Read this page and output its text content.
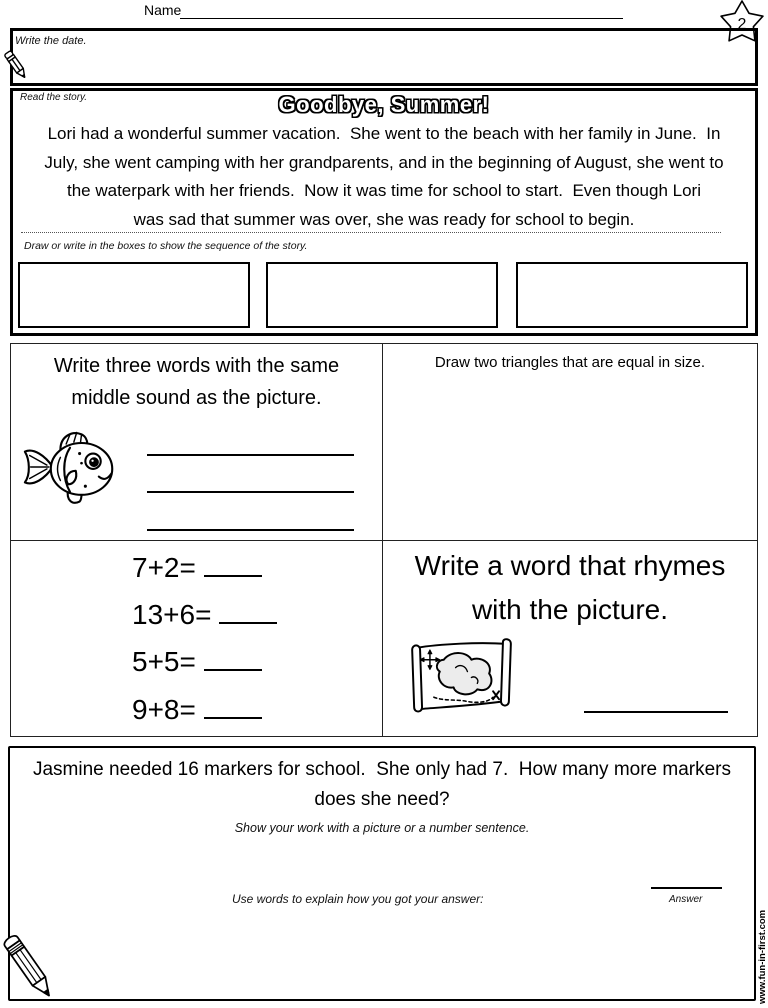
Name
2
Write the date.
Read the story.	Goodbye, Summer!
Lori had a wonderful summer vacation.  She went to the beach with her family in June.  In
July, she went camping with her grandparents, and in the beginning of August, she went to
the waterpark with her friends.  Now it was time for school to start.  Even though Lori
was sad that summer was over, she was ready for school to begin.
Draw or write in the boxes to show the sequence of the story.
Write three words with the same
middle sound as the picture.
Draw two triangles that are equal in size.
7+2=
13+6=
5+5=
9+8=
Write a word that rhymes
with the picture.
Jasmine needed 16 markers for school.  She only had 7.  How many more markers
does she need?
Show your work with a picture or a number sentence.
Use words to explain how you got your answer:	Answer
www.fun-in-first.com
